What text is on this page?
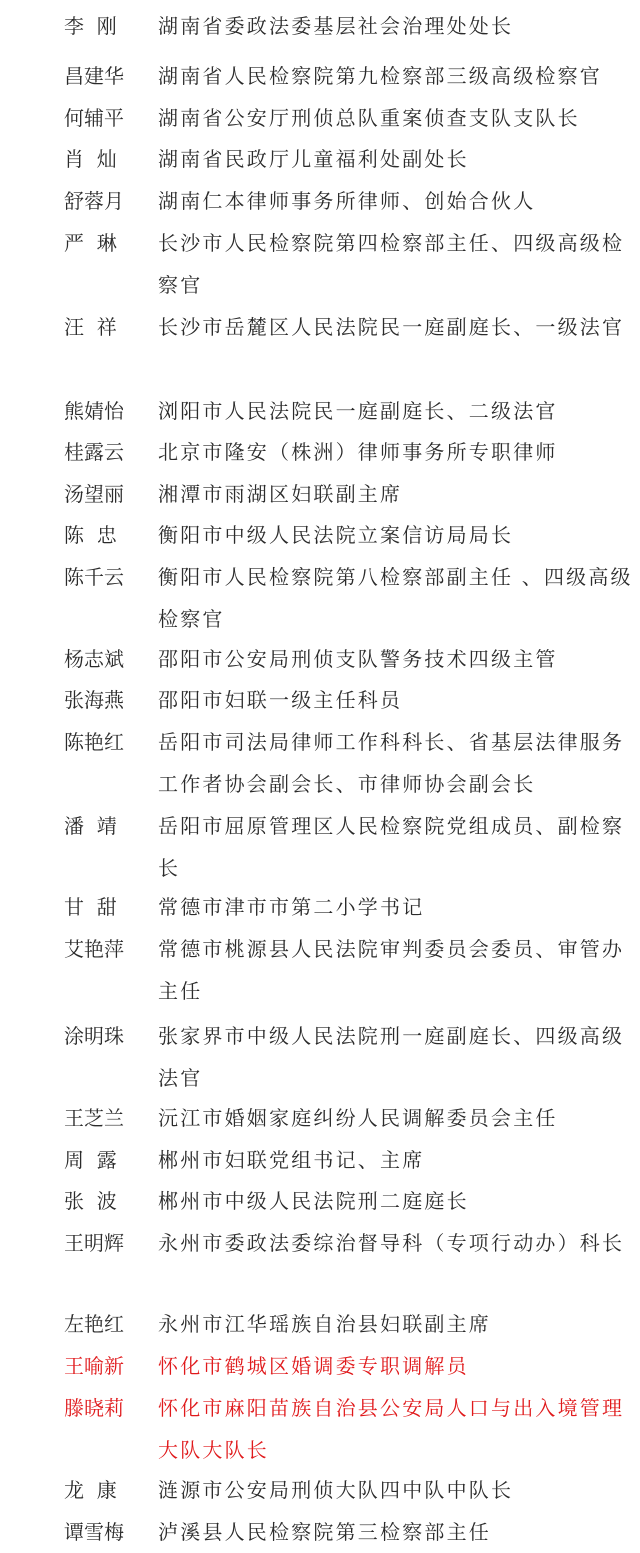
李  刚	湖南省委政法委基层社会治理处处长
昌建华	湖南省人民检察院第九检察部三级高级检察官
何辅平	湖南省公安厅刑侦总队重案侦查支队支队长
肖  灿	湖南省民政厅儿童福利处副处长
舒蓉月	湖南仁本律师事务所律师、创始合伙人
严  琳	长沙市人民检察院第四检察部主任、四级高级检察官
汪  祥	长沙市岳麓区人民法院民一庭副庭长、一级法官
熊婧怡	浏阳市人民法院民一庭副庭长、二级法官
桂露云	北京市隆安（株洲）律师事务所专职律师
汤望丽	湘潭市雨湖区妇联副主席
陈  忠	衡阳市中级人民法院立案信访局局长
陈千云	衡阳市人民检察院第八检察部副主任 、四级高级检察官
杨志斌	邵阳市公安局刑侦支队警务技术四级主管
张海燕	邵阳市妇联一级主任科员
陈艳红	岳阳市司法局律师工作科科长、省基层法律服务工作者协会副会长、市律师协会副会长
潘  靖	岳阳市屈原管理区人民检察院党组成员、副检察长
甘  甜	常德市津市市第二小学书记
艾艳萍	常德市桃源县人民法院审判委员会委员、审管办主任
涂明珠	张家界市中级人民法院刑一庭副庭长、四级高级法官
王芝兰	沅江市婚姻家庭纠纷人民调解委员会主任
周  露	郴州市妇联党组书记、主席
张  波	郴州市中级人民法院刑二庭庭长
王明辉	永州市委政法委综治督导科（专项行动办）科长
左艳红	永州市江华瑶族自治县妇联副主席
王喻新	怀化市鹤城区婚调委专职调解员
滕晓莉	怀化市麻阳苗族自治县公安局人口与出入境管理大队大队长
龙  康	涟源市公安局刑侦大队四中队中队长
谭雪梅	泸溪县人民检察院第三检察部主任
